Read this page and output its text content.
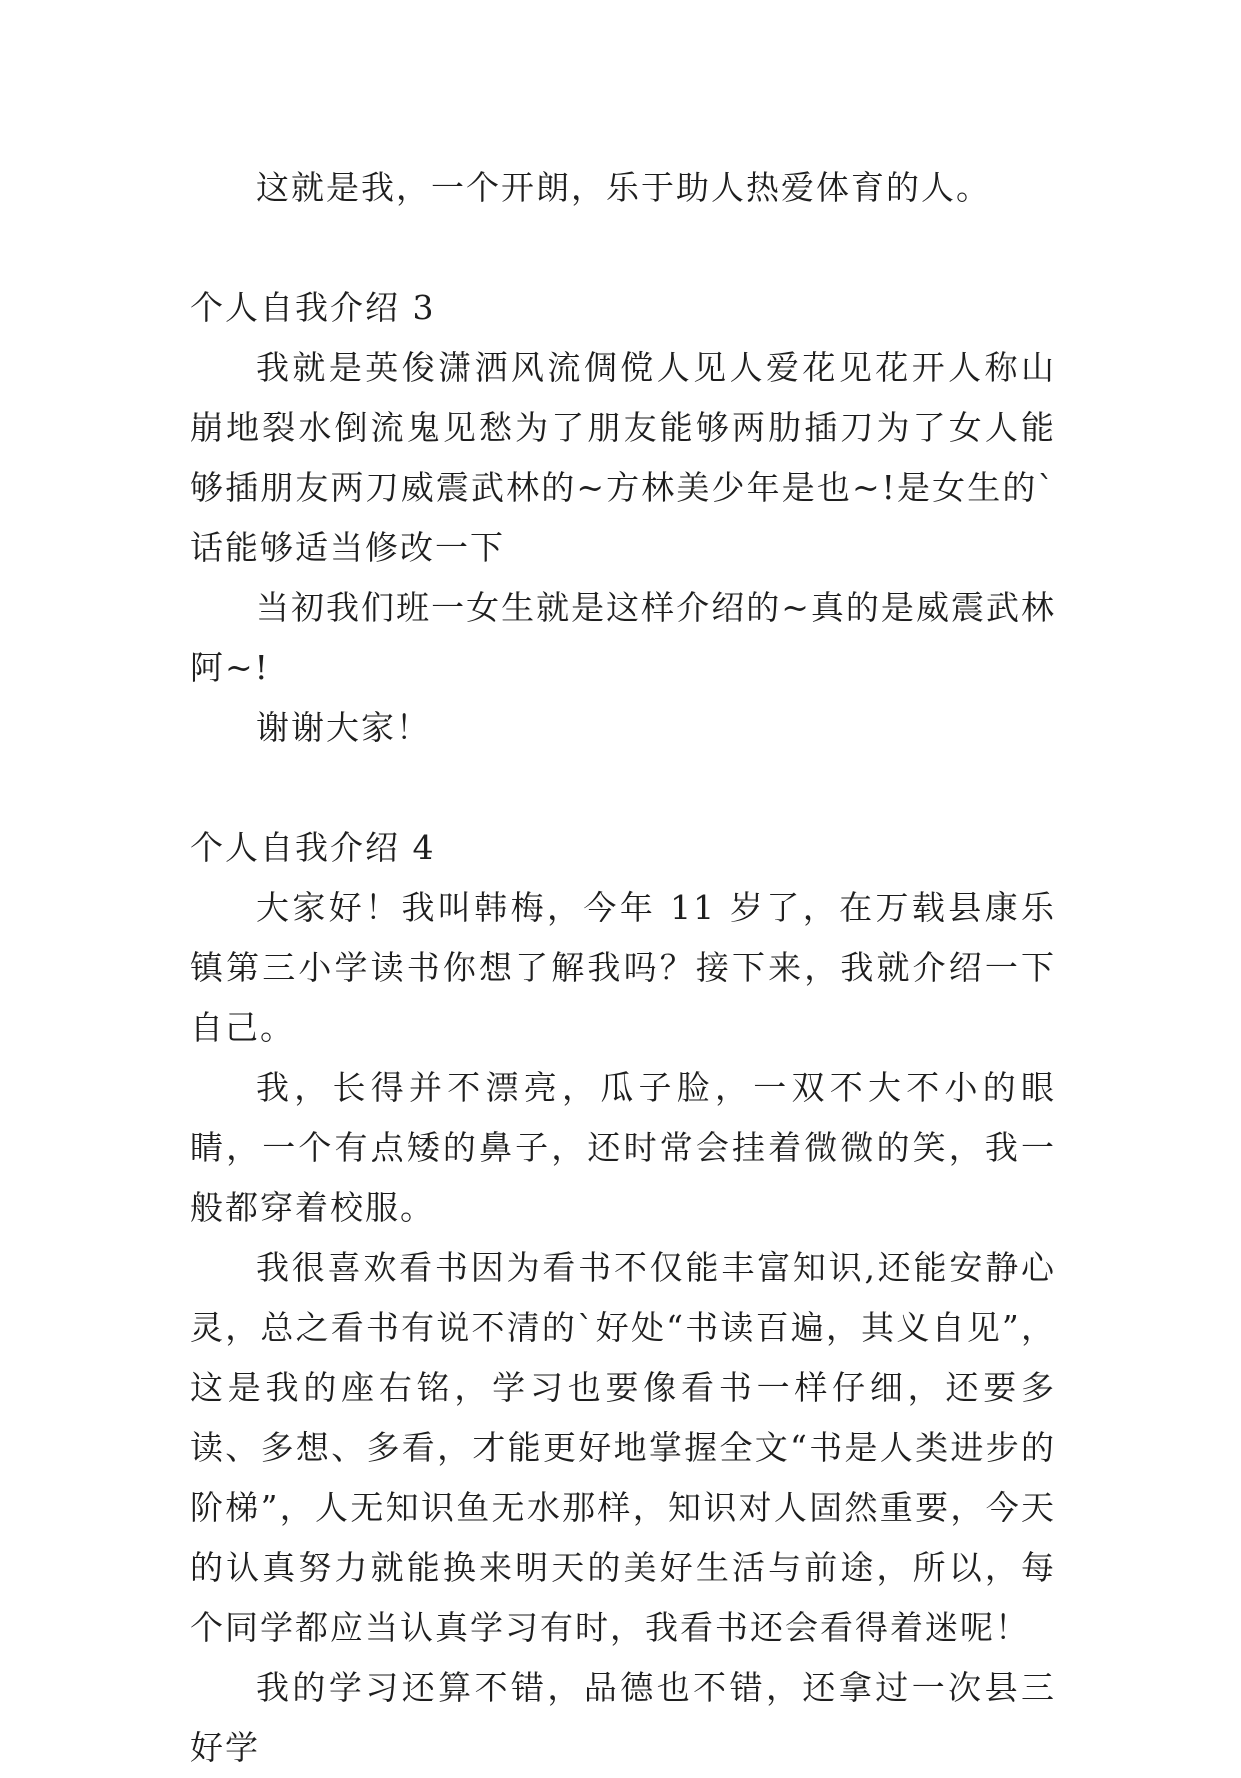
这就是我，一个开朗，乐于助人热爱体育的人。

个人自我介绍 3

我就是英俊潇洒风流倜傥人见人爱花见花开人称山崩地裂水倒流鬼见愁为了朋友能够两肋插刀为了女人能够插朋友两刀威震武林的~方林美少年是也~!是女生的`话能够适当修改一下

当初我们班一女生就是这样介绍的~真的是威震武林阿~!

谢谢大家！

个人自我介绍 4

大家好！我叫韩梅，今年 11 岁了，在万载县康乐镇第三小学读书你想了解我吗？接下来，我就介绍一下自己。

我，长得并不漂亮，瓜子脸，一双不大不小的眼睛，一个有点矮的鼻子，还时常会挂着微微的笑，我一般都穿着校服。

我很喜欢看书因为看书不仅能丰富知识,还能安静心灵，总之看书有说不清的`好处“书读百遍，其义自见”，这是我的座右铭，学习也要像看书一样仔细，还要多读、多想、多看，才能更好地掌握全文“书是人类进步的阶梯”，人无知识鱼无水那样，知识对人固然重要，今天的认真努力就能换来明天的美好生活与前途，所以，每个同学都应当认真学习有时，我看书还会看得着迷呢！

我的学习还算不错，品德也不错，还拿过一次县三好学
